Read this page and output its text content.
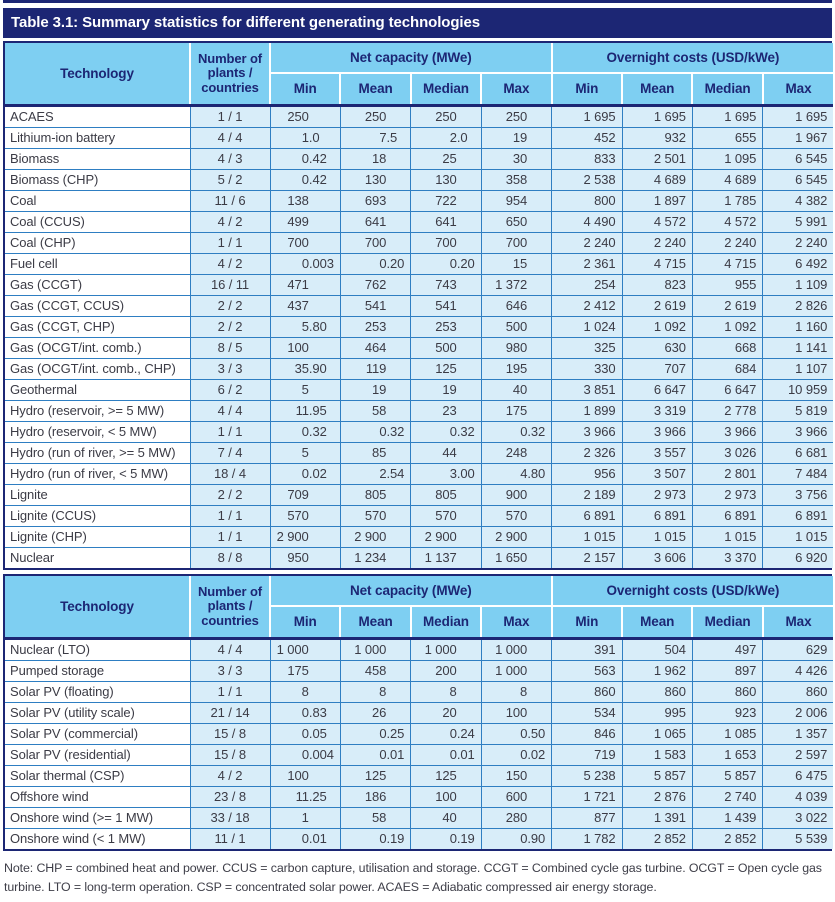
Table 3.1: Summary statistics for different generating technologies
Technology	Number of plants / countries	Net capacity (MWe)				Overnight costs (USD/kWe)			
		Min	Mean	Median	Max	Min	Mean	Median	Max
ACAES	1 / 1	250	250	250	250	1 695	1 695	1 695	1 695
Lithium-ion battery	4 / 4	1.0	7.5	2.0	19	452	932	655	1 967
Biomass	4 / 3	0.42	18	25	30	833	2 501	1 095	6 545
Biomass (CHP)	5 / 2	0.42	130	130	358	2 538	4 689	4 689	6 545
Coal	11 / 6	138	693	722	954	800	1 897	1 785	4 382
Coal (CCUS)	4 / 2	499	641	641	650	4 490	4 572	4 572	5 991
Coal (CHP)	1 / 1	700	700	700	700	2 240	2 240	2 240	2 240
Fuel cell	4 / 2	0.003	0.20	0.20	15	2 361	4 715	4 715	6 492
Gas (CCGT)	16 / 11	471	762	743	1 372	254	823	955	1 109
Gas (CCGT, CCUS)	2 / 2	437	541	541	646	2 412	2 619	2 619	2 826
Gas (CCGT, CHP)	2 / 2	5.80	253	253	500	1 024	1 092	1 092	1 160
Gas (OCGT/int. comb.)	8 / 5	100	464	500	980	325	630	668	1 141
Gas (OCGT/int. comb., CHP)	3 / 3	35.90	119	125	195	330	707	684	1 107
Geothermal	6 / 2	5	19	19	40	3 851	6 647	6 647	10 959
Hydro (reservoir, >= 5 MW)	4 / 4	11.95	58	23	175	1 899	3 319	2 778	5 819
Hydro (reservoir, < 5 MW)	1 / 1	0.32	0.32	0.32	0.32	3 966	3 966	3 966	3 966
Hydro (run of river, >= 5 MW)	7 / 4	5	85	44	248	2 326	3 557	3 026	6 681
Hydro (run of river, < 5 MW)	18 / 4	0.02	2.54	3.00	4.80	956	3 507	2 801	7 484
Lignite	2 / 2	709	805	805	900	2 189	2 973	2 973	3 756
Lignite (CCUS)	1 / 1	570	570	570	570	6 891	6 891	6 891	6 891
Lignite (CHP)	1 / 1	2 900	2 900	2 900	2 900	1 015	1 015	1 015	1 015
Nuclear	8 / 8	950	1 234	1 137	1 650	2 157	3 606	3 370	6 920
Technology	Number of plants / countries	Net capacity (MWe)				Overnight costs (USD/kWe)			
		Min	Mean	Median	Max	Min	Mean	Median	Max
Nuclear (LTO)	4 / 4	1 000	1 000	1 000	1 000	391	504	497	629
Pumped storage	3 / 3	175	458	200	1 000	563	1 962	897	4 426
Solar PV (floating)	1 / 1	8	8	8	8	860	860	860	860
Solar PV (utility scale)	21 / 14	0.83	26	20	100	534	995	923	2 006
Solar PV (commercial)	15 / 8	0.05	0.25	0.24	0.50	846	1 065	1 085	1 357
Solar PV (residential)	15 / 8	0.004	0.01	0.01	0.02	719	1 583	1 653	2 597
Solar thermal (CSP)	4 / 2	100	125	125	150	5 238	5 857	5 857	6 475
Offshore wind	23 / 8	11.25	186	100	600	1 721	2 876	2 740	4 039
Onshore wind (>= 1 MW)	33 / 18	1	58	40	280	877	1 391	1 439	3 022
Onshore wind (< 1 MW)	11 / 1	0.01	0.19	0.19	0.90	1 782	2 852	2 852	5 539

Note: CHP = combined heat and power. CCUS = carbon capture, utilisation and storage. CCGT = Combined cycle gas turbine. OCGT = Open cycle gas turbine. LTO = long-term operation. CSP = concentrated solar power. ACAES = Adiabatic compressed air energy storage.
